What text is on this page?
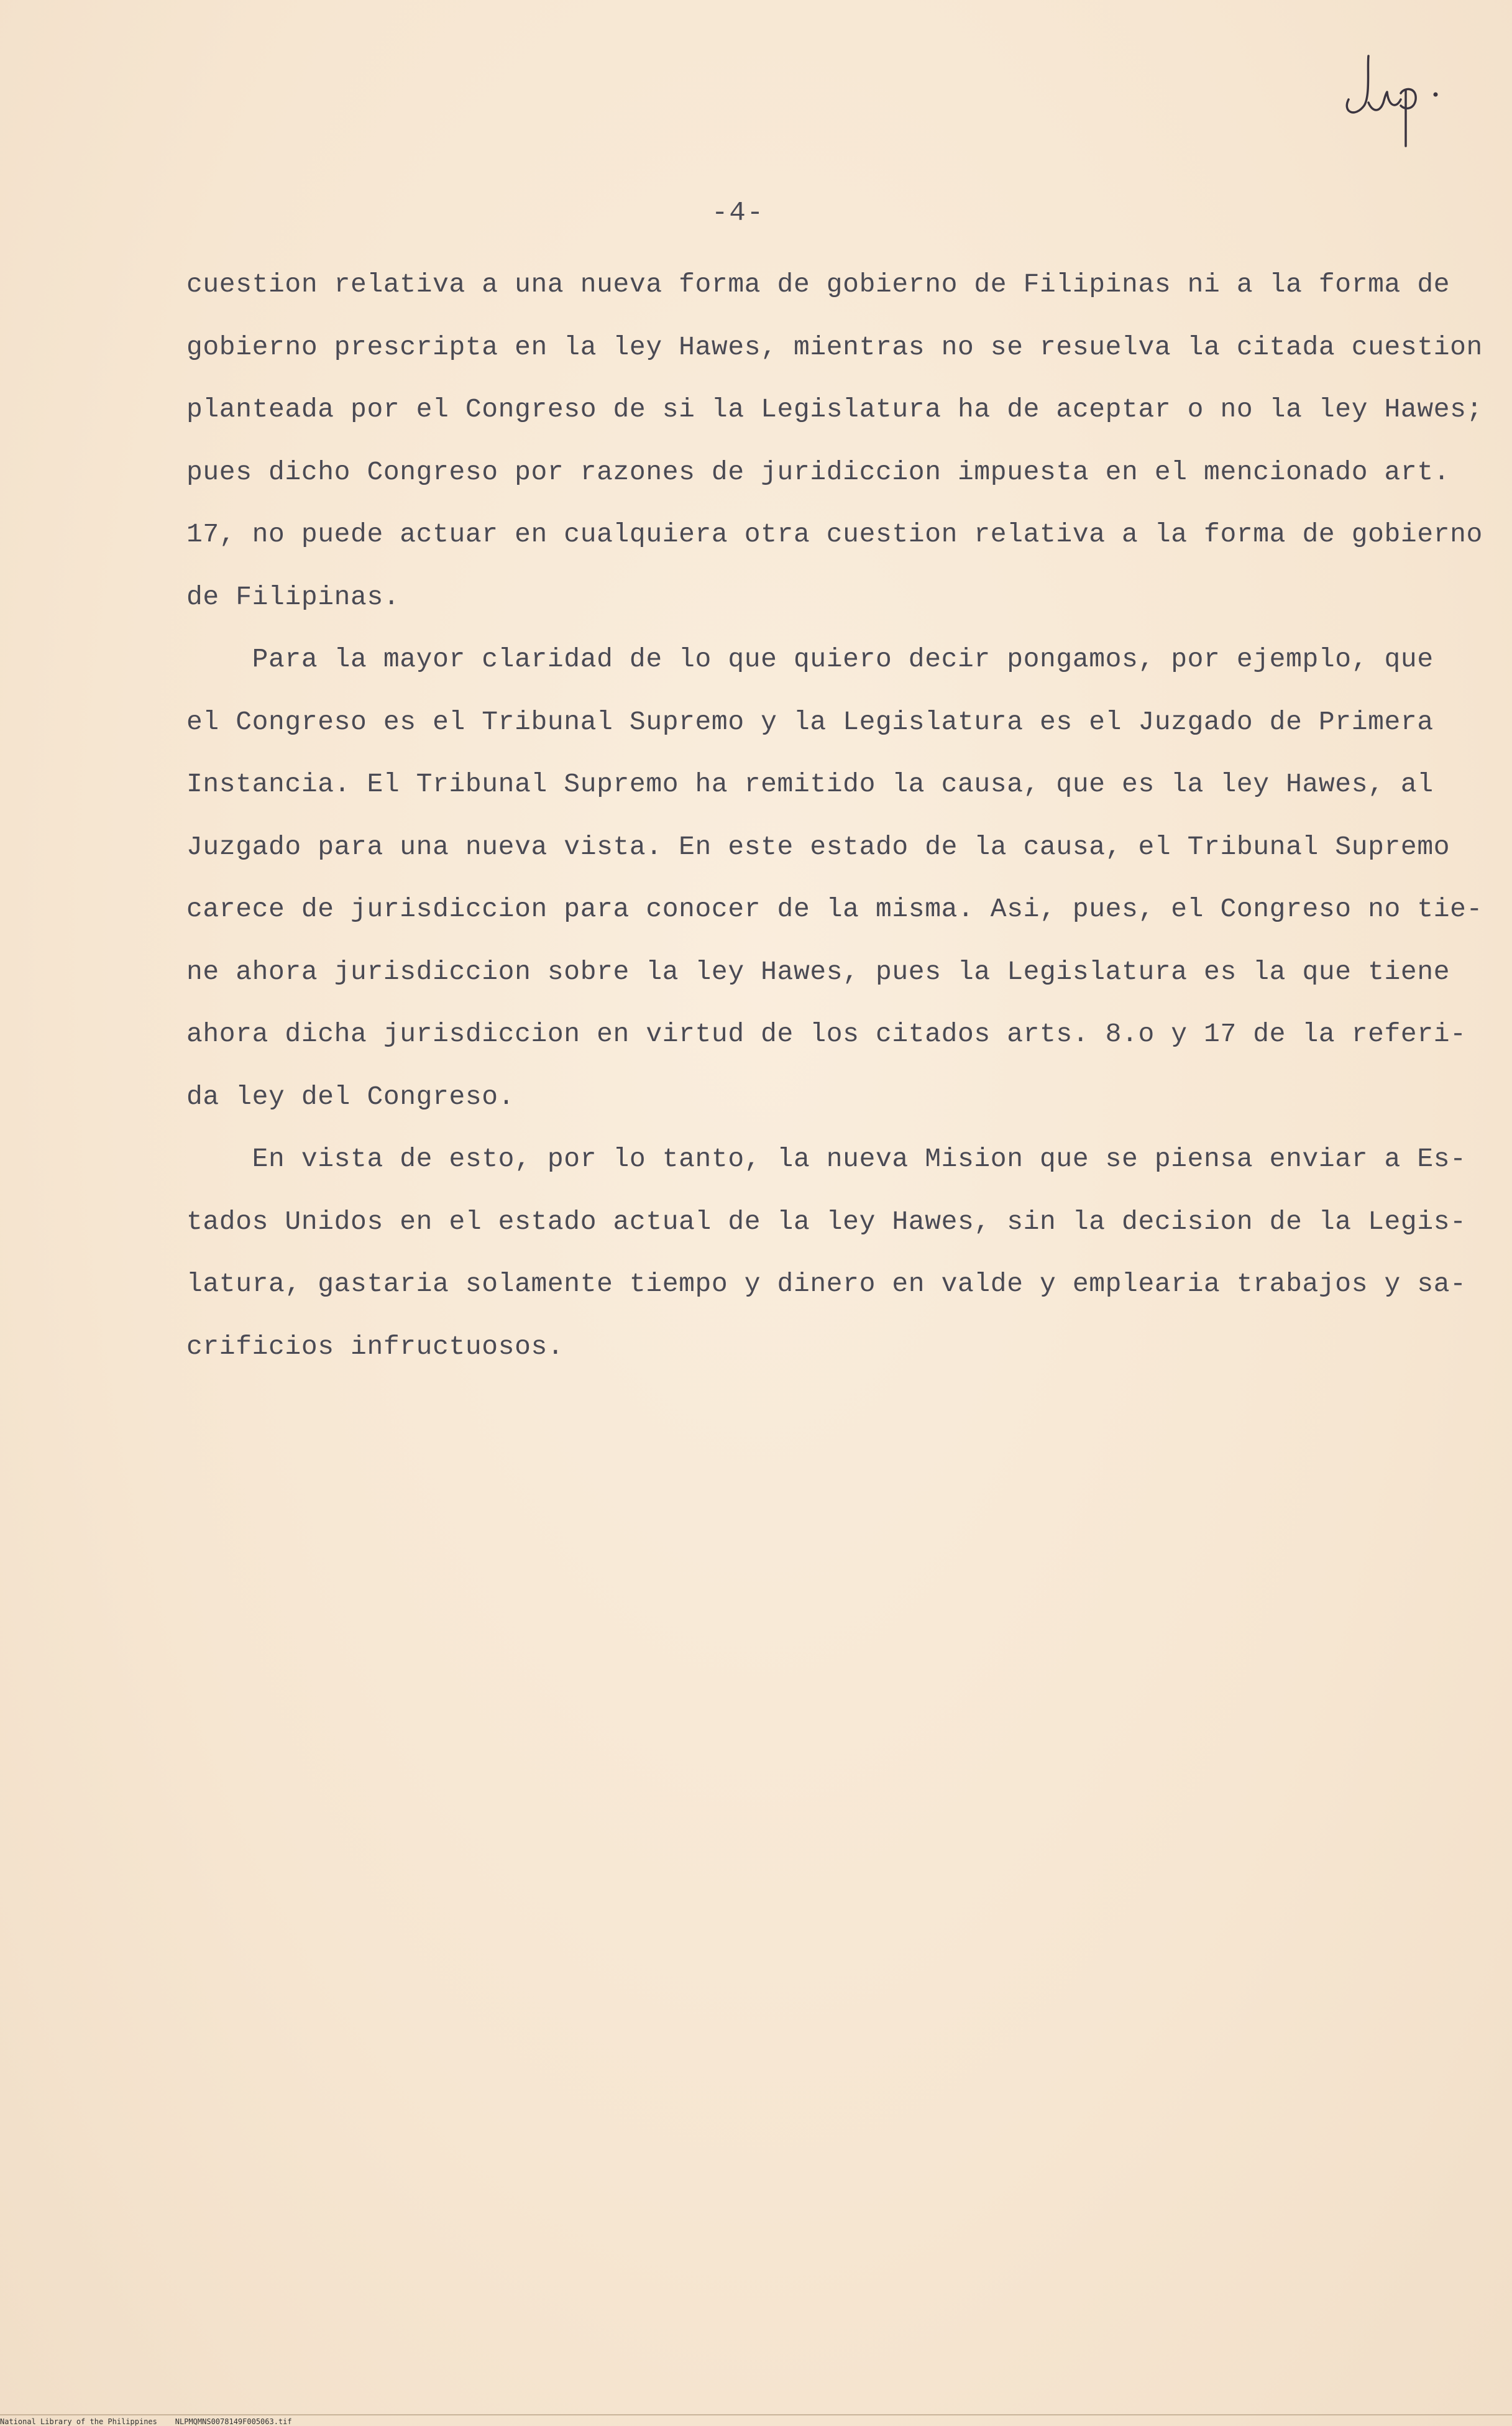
-4-
cuestion relativa a una nueva forma de gobierno de Filipinas ni a la forma de
gobierno prescripta en la ley Hawes, mientras no se resuelva la citada cuestion
planteada por el Congreso de si la Legislatura ha de aceptar o no la ley Hawes;
pues dicho Congreso por razones de juridiccion impuesta en el mencionado art.
17, no puede actuar en cualquiera otra cuestion relativa a la forma de gobierno
de Filipinas.
Para la mayor claridad de lo que quiero decir pongamos, por ejemplo, que
el Congreso es el Tribunal Supremo y la Legislatura es el Juzgado de Primera
Instancia. El Tribunal Supremo ha remitido la causa, que es la ley Hawes, al
Juzgado para una nueva vista. En este estado de la causa, el Tribunal Supremo
carece de jurisdiccion para conocer de la misma. Asi, pues, el Congreso no tie-
ne ahora jurisdiccion sobre la ley Hawes, pues la Legislatura es la que tiene
ahora dicha jurisdiccion en virtud de los citados arts. 8.o y 17 de la referi-
da ley del Congreso.
En vista de esto, por lo tanto, la nueva Mision que se piensa enviar a Es-
tados Unidos en el estado actual de la ley Hawes, sin la decision de la Legis-
latura, gastaria solamente tiempo y dinero en valde y emplearia trabajos y sa-
crificios infructuosos.
National Library of the Philippines NLPMQMNS0078149F005063.tif
